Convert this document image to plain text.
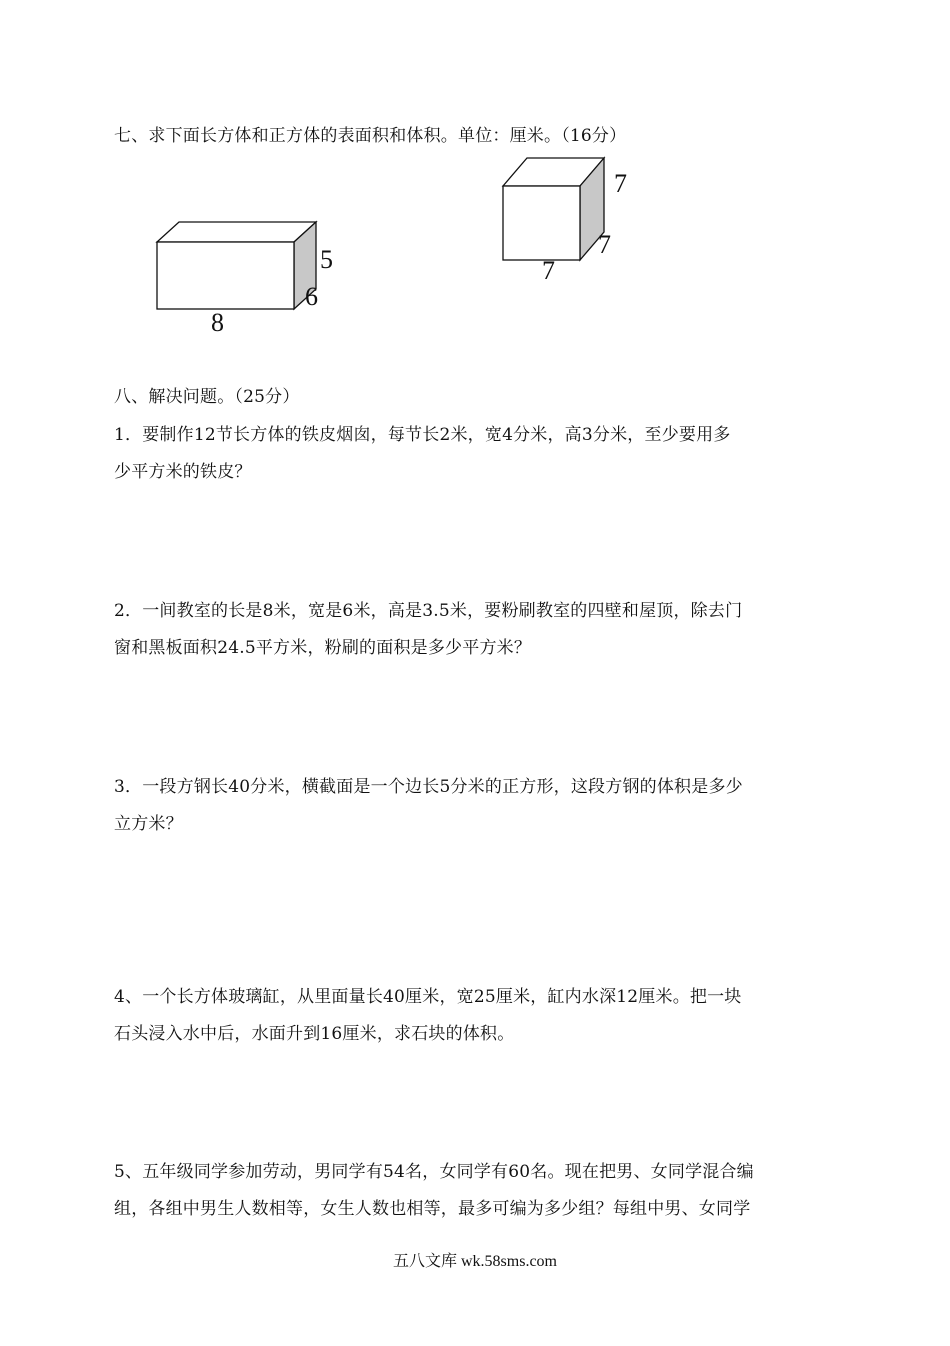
七、求下面长方体和正方体的表面积和体积。单位：厘米。（16分）
5
6
8
7
7
7
八、解决问题。（25分）
1．要制作12节长方体的铁皮烟囱，每节长2米，宽4分米，高3分米，至少要用多
少平方米的铁皮？
2．一间教室的长是8米，宽是6米，高是3.5米，要粉刷教室的四壁和屋顶，除去门
窗和黑板面积24.5平方米，粉刷的面积是多少平方米？
3．一段方钢长40分米，横截面是一个边长5分米的正方形，这段方钢的体积是多少
立方米？
4、一个长方体玻璃缸，从里面量长40厘米，宽25厘米，缸内水深12厘米。把一块
石头浸入水中后，水面升到16厘米，求石块的体积。
5、五年级同学参加劳动，男同学有54名，女同学有60名。现在把男、女同学混合编
组，各组中男生人数相等，女生人数也相等，最多可编为多少组？每组中男、女同学
五八文库 wk.58sms.com
